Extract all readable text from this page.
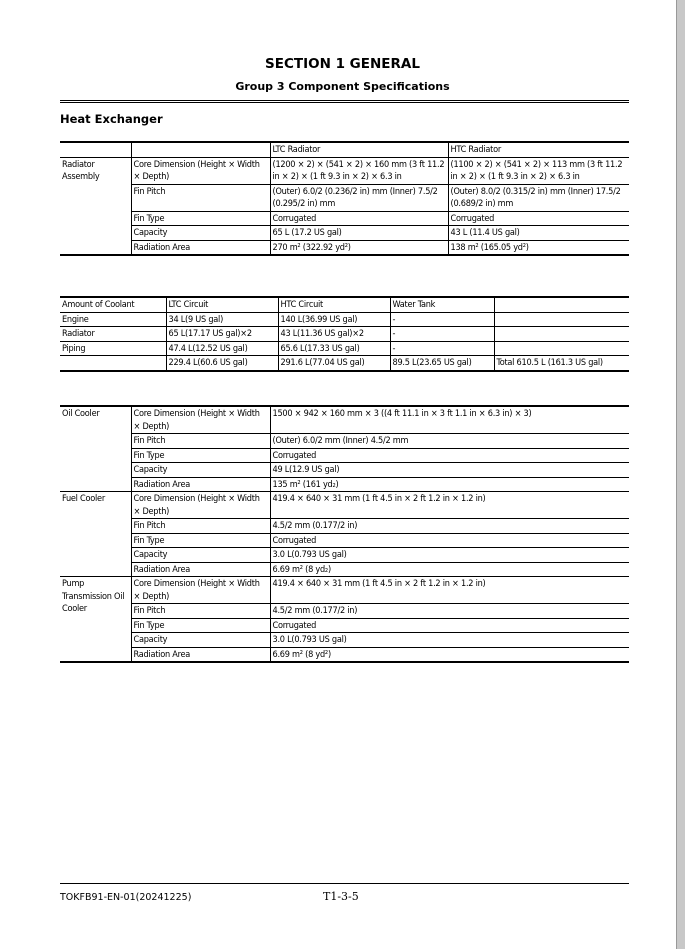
SECTION 1 GENERAL
Group 3 Component Specifications
Heat Exchanger
		LTC Radiator	HTC Radiator
Radiator Assembly	Core Dimension (Height × Width × Depth)	(1200 × 2) × (541 × 2) × 160 mm (3 ft 11.2 in × 2) × (1 ft 9.3 in × 2) × 6.3 in	(1100 × 2) × (541 × 2) × 113 mm (3 ft 11.2 in × 2) × (1 ft 9.3 in × 2) × 6.3 in
	Fin Pitch	(Outer) 6.0/2 (0.236/2 in) mm (Inner) 7.5/2 (0.295/2 in) mm	(Outer) 8.0/2 (0.315/2 in) mm (Inner) 17.5/2 (0.689/2 in) mm
	Fin Type	Corrugated	Corrugated
	Capacity	65 L (17.2 US gal)	43 L (11.4 US gal)
	Radiation Area	270 m² (322.92 yd²)	138 m² (165.05 yd²)
Amount of Coolant	LTC Circuit	HTC Circuit	Water Tank	
Engine	34 L(9 US gal)	140 L(36.99 US gal)	-	
Radiator	65 L(17.17 US gal)×2	43 L(11.36 US gal)×2	-	
Piping	47.4 L(12.52 US gal)	65.6 L(17.33 US gal)	-	
	229.4 L(60.6 US gal)	291.6 L(77.04 US gal)	89.5 L(23.65 US gal)	Total 610.5 L (161.3 US gal)
Oil Cooler	Core Dimension (Height × Width × Depth)	1500 × 942 × 160 mm × 3 ((4 ft 11.1 in × 3 ft 1.1 in × 6.3 in) × 3)
	Fin Pitch	(Outer) 6.0/2 mm (Inner) 4.5/2 mm
	Fin Type	Corrugated
	Capacity	49 L(12.9 US gal)
	Radiation Area	135 m² (161 yd₂)
Fuel Cooler	Core Dimension (Height × Width × Depth)	419.4 × 640 × 31 mm (1 ft 4.5 in × 2 ft 1.2 in × 1.2 in)
	Fin Pitch	4.5/2 mm (0.177/2 in)
	Fin Type	Corrugated
	Capacity	3.0 L(0.793 US gal)
	Radiation Area	6.69 m² (8 yd₂)
Pump Transmission Oil Cooler	Core Dimension (Height × Width × Depth)	419.4 × 640 × 31 mm (1 ft 4.5 in × 2 ft 1.2 in × 1.2 in)
	Fin Pitch	4.5/2 mm (0.177/2 in)
	Fin Type	Corrugated
	Capacity	3.0 L(0.793 US gal)
	Radiation Area	6.69 m² (8 yd²)
TOKFB91-EN-01(20241225)	T1-3-5
